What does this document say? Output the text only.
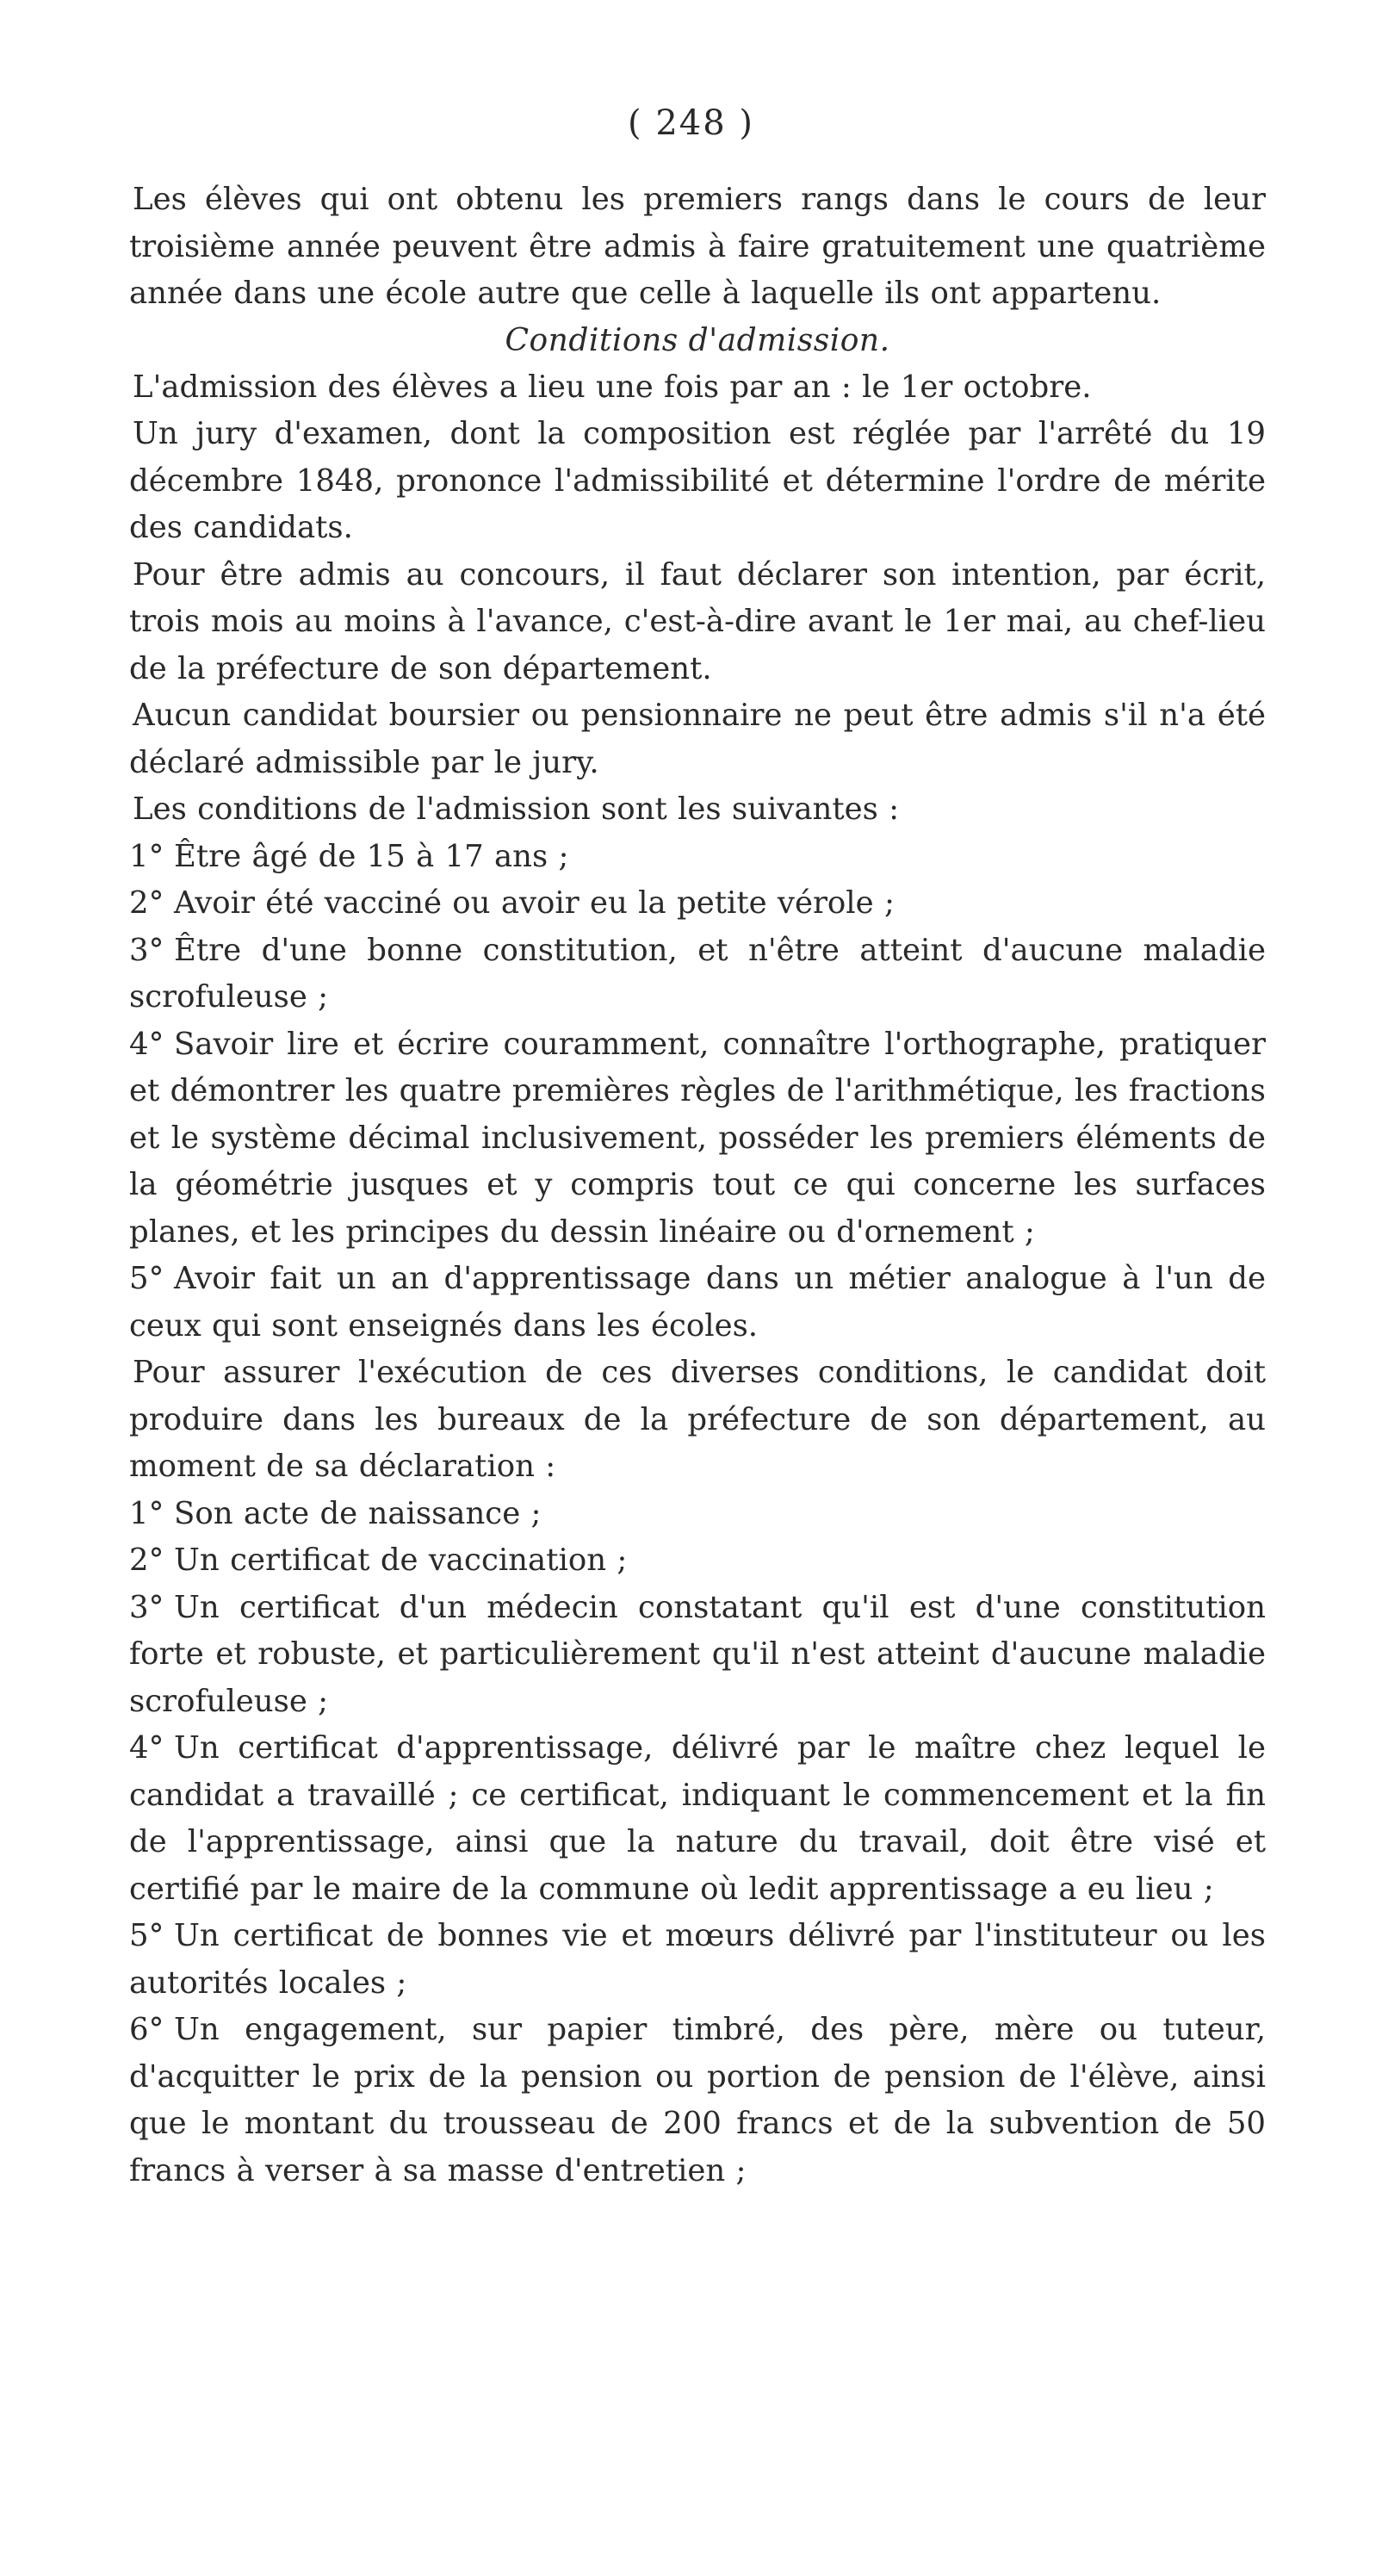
( 248 )

Les élèves qui ont obtenu les premiers rangs dans le cours de leur troisième année peuvent être admis à faire gratuitement une quatrième année dans une école autre que celle à laquelle ils ont appartenu.

Conditions d'admission.

L'admission des élèves a lieu une fois par an : le 1er octobre.

Un jury d'examen, dont la composition est réglée par l'arrêté du 19 décembre 1848, prononce l'admissibilité et détermine l'ordre de mérite des candidats.

Pour être admis au concours, il faut déclarer son intention, par écrit, trois mois au moins à l'avance, c'est-à-dire avant le 1er mai, au chef-lieu de la préfecture de son département.

Aucun candidat boursier ou pensionnaire ne peut être admis s'il n'a été déclaré admissible par le jury.

Les conditions de l'admission sont les suivantes :

1° Être âgé de 15 à 17 ans ;

2° Avoir été vacciné ou avoir eu la petite vérole ;

3° Être d'une bonne constitution, et n'être atteint d'aucune maladie scrofuleuse ;

4° Savoir lire et écrire couramment, connaître l'orthographe, pratiquer et démontrer les quatre premières règles de l'arithmétique, les fractions et le système décimal inclusivement, posséder les premiers éléments de la géométrie jusques et y compris tout ce qui concerne les surfaces planes, et les principes du dessin linéaire ou d'ornement ;

5° Avoir fait un an d'apprentissage dans un métier analogue à l'un de ceux qui sont enseignés dans les écoles.

Pour assurer l'exécution de ces diverses conditions, le candidat doit produire dans les bureaux de la préfecture de son département, au moment de sa déclaration :

1° Son acte de naissance ;

2° Un certificat de vaccination ;

3° Un certificat d'un médecin constatant qu'il est d'une constitution forte et robuste, et particulièrement qu'il n'est atteint d'aucune maladie scrofuleuse ;

4° Un certificat d'apprentissage, délivré par le maître chez lequel le candidat a travaillé ; ce certificat, indiquant le commencement et la fin de l'apprentissage, ainsi que la nature du travail, doit être visé et certifié par le maire de la commune où ledit apprentissage a eu lieu ;

5° Un certificat de bonnes vie et mœurs délivré par l'instituteur ou les autorités locales ;

6° Un engagement, sur papier timbré, des père, mère ou tuteur, d'acquitter le prix de la pension ou portion de pension de l'élève, ainsi que le montant du trousseau de 200 francs et de la subvention de 50 francs à verser à sa masse d'entretien ;
